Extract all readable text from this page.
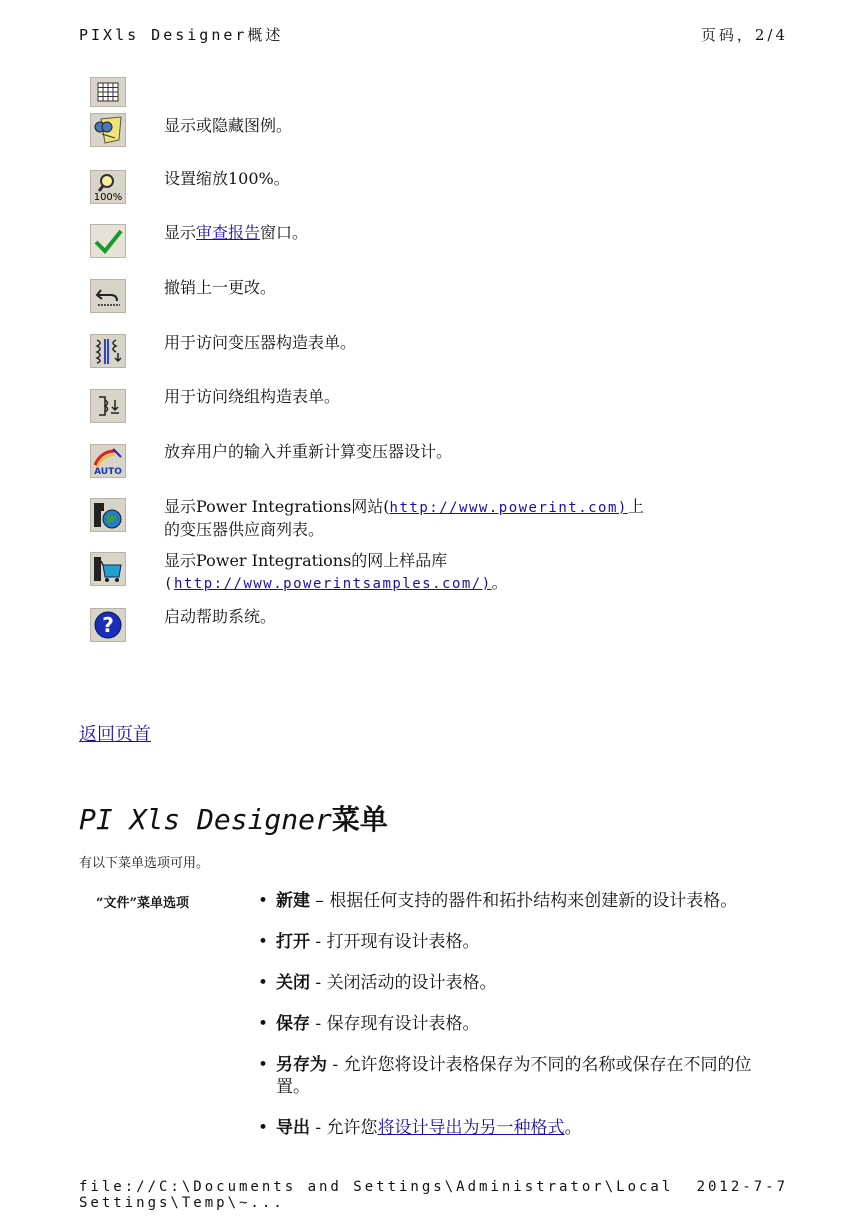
PIXls Designer概述	页码，2/4
显示或隐藏图例。
100%
设置缩放100%。
显示审查报告窗口。
撤销上一更改。
用于访问变压器构造表单。
用于访问绕组构造表单。
AUTO
放弃用户的输入并重新计算变压器设计。
显示Power Integrations网站(http://www.powerint.com)上
的变压器供应商列表。
显示Power Integrations的网上样品库
(http://www.powerintsamples.com/)。
?	启动帮助系统。
返回页首
PI Xls Designer菜单
有以下菜单选项可用。
“文件”菜单选项
•	新建 – 根据任何支持的器件和拓扑结构来创建新的设计表格。
• 打开 - 打开现有设计表格。
• 关闭 - 关闭活动的设计表格。
• 保存 - 保存现有设计表格。
• 另存为 - 允许您将设计表格保存为不同的名称或保存在不同的位置。
• 导出 - 允许您将设计导出为另一种格式。
file://C:\Documents and Settings\Administrator\Local Settings\Temp\~...
2012-7-7
